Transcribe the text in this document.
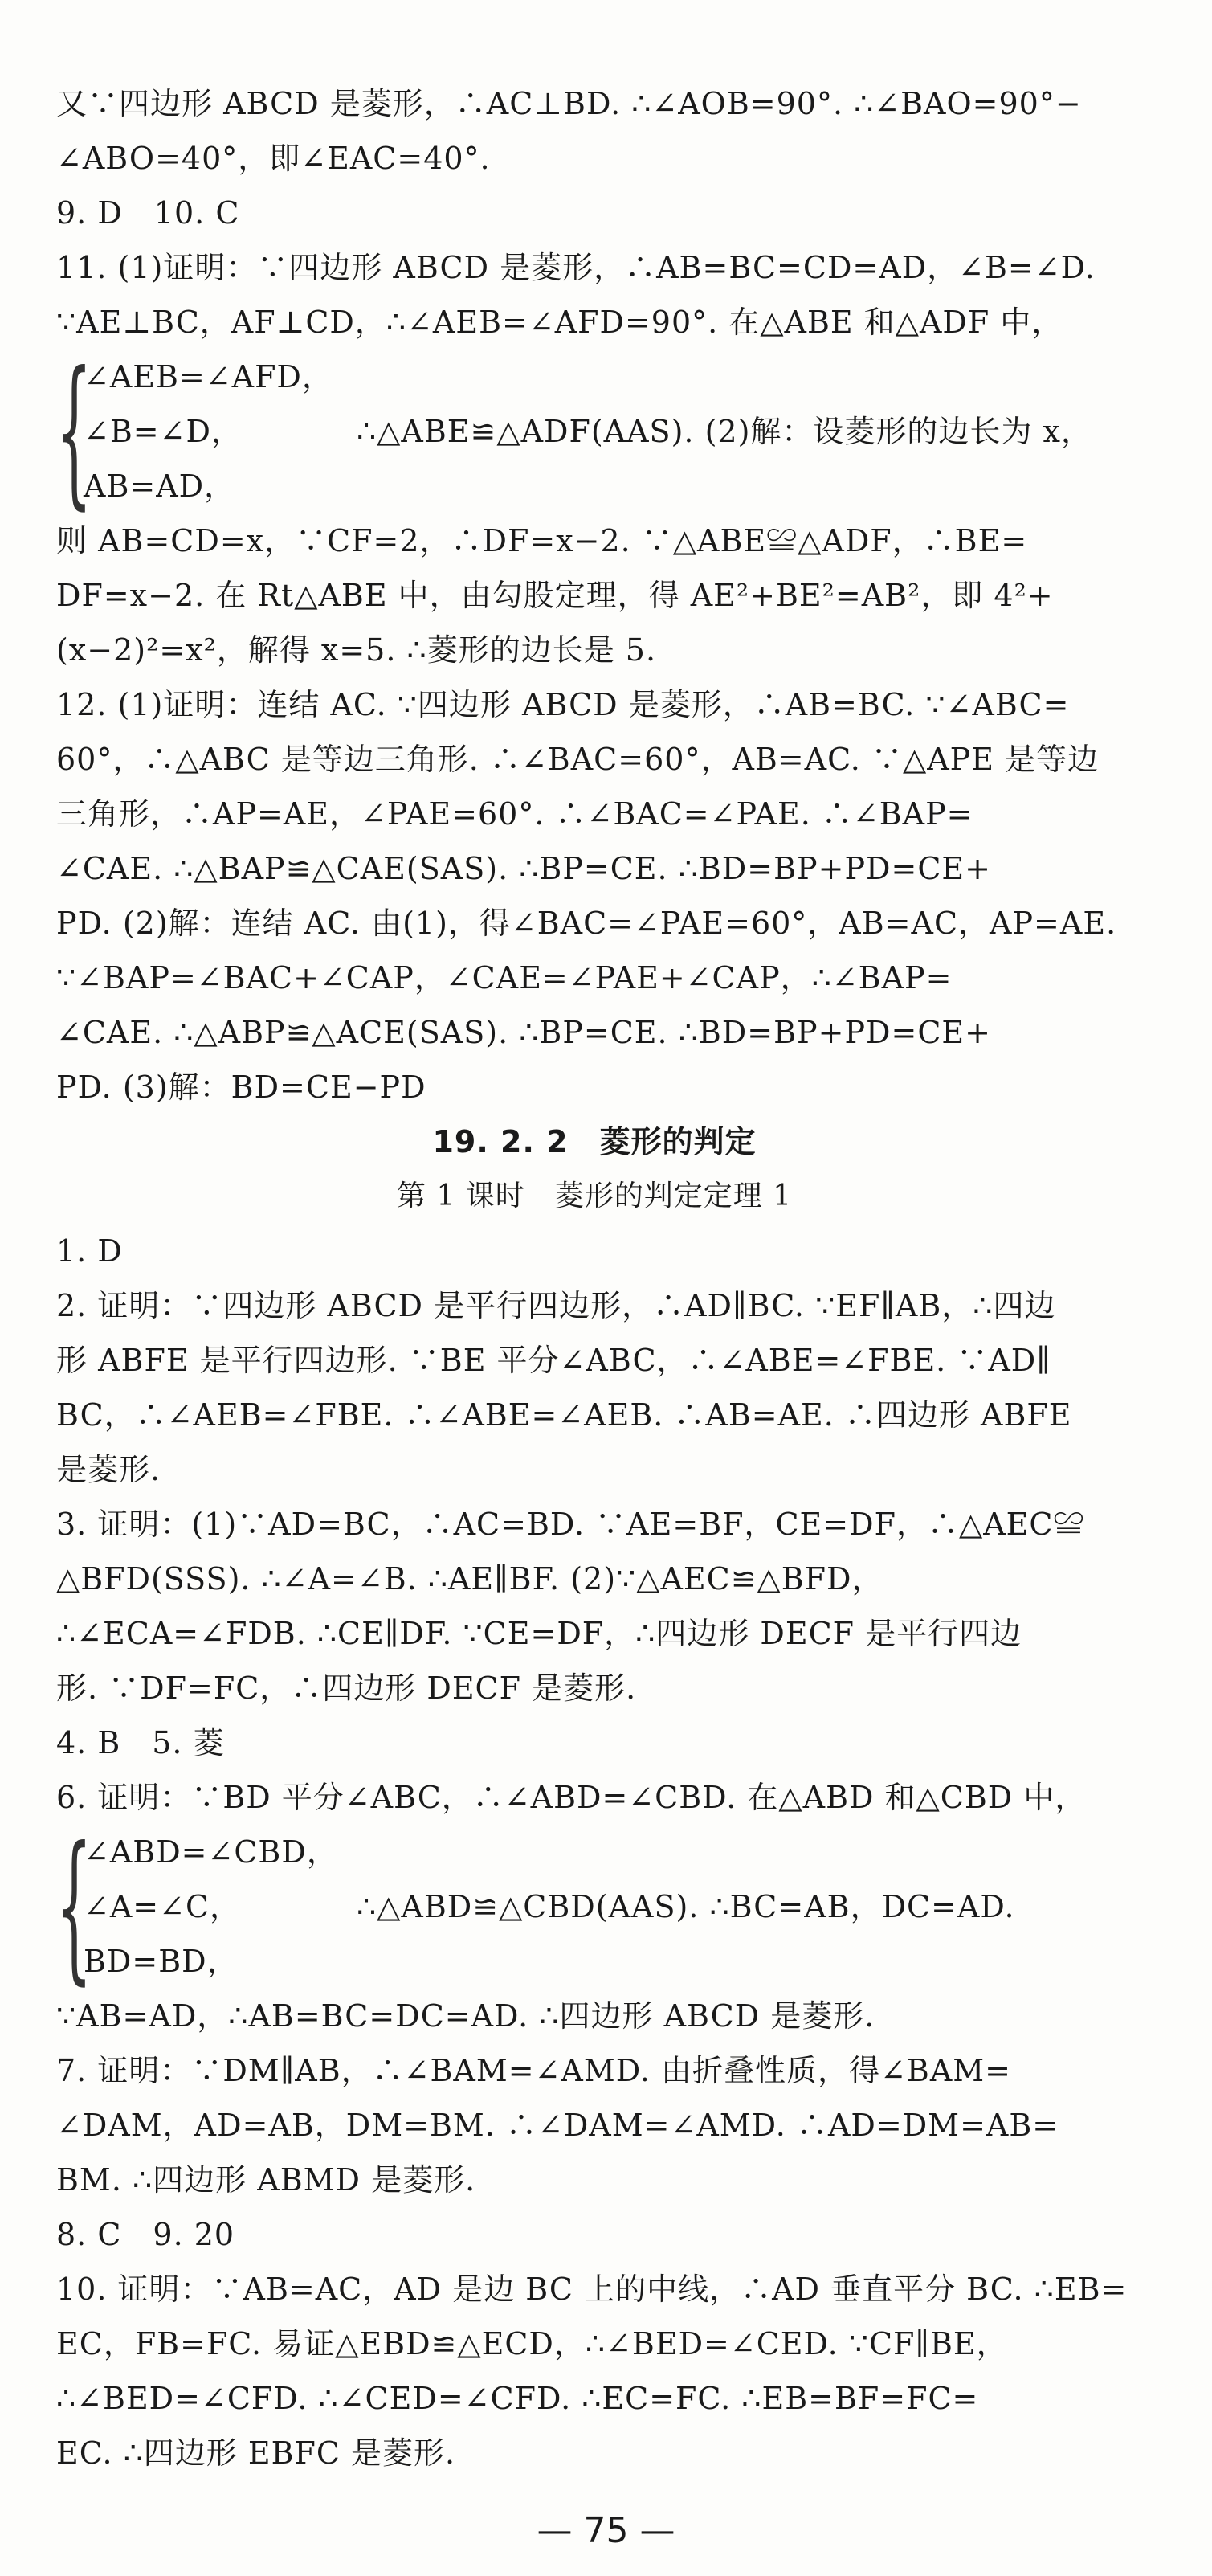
又∵四边形 ABCD 是菱形，∴AC⊥BD. ∴∠AOB=90°. ∴∠BAO=90°−
∠ABO=40°，即∠EAC=40°.
9. D　10. C
11. (1)证明：∵四边形 ABCD 是菱形，∴AB=BC=CD=AD，∠B=∠D.
∵AE⊥BC，AF⊥CD，∴∠AEB=∠AFD=90°. 在△ABE 和△ADF 中，
{
∠AEB=∠AFD，
∠B=∠D，
AB=AD，
∴△ABE≌△ADF(AAS). (2)解：设菱形的边长为 x，
则 AB=CD=x，∵CF=2，∴DF=x−2. ∵△ABE≌△ADF，∴BE=
DF=x−2. 在 Rt△ABE 中，由勾股定理，得 AE²+BE²=AB²，即 4²+
(x−2)²=x²，解得 x=5. ∴菱形的边长是 5.
12. (1)证明：连结 AC. ∵四边形 ABCD 是菱形，∴AB=BC. ∵∠ABC=
60°，∴△ABC 是等边三角形. ∴∠BAC=60°，AB=AC. ∵△APE 是等边
三角形，∴AP=AE，∠PAE=60°. ∴∠BAC=∠PAE. ∴∠BAP=
∠CAE. ∴△BAP≌△CAE(SAS). ∴BP=CE. ∴BD=BP+PD=CE+
PD. (2)解：连结 AC. 由(1)，得∠BAC=∠PAE=60°，AB=AC，AP=AE.
∵∠BAP=∠BAC+∠CAP，∠CAE=∠PAE+∠CAP，∴∠BAP=
∠CAE. ∴△ABP≌△ACE(SAS). ∴BP=CE. ∴BD=BP+PD=CE+
PD. (3)解：BD=CE−PD
19. 2. 2　菱形的判定
第 1 课时　菱形的判定定理 1
1. D
2. 证明：∵四边形 ABCD 是平行四边形，∴AD∥BC. ∵EF∥AB，∴四边
形 ABFE 是平行四边形. ∵BE 平分∠ABC，∴∠ABE=∠FBE. ∵AD∥
BC，∴∠AEB=∠FBE. ∴∠ABE=∠AEB. ∴AB=AE. ∴四边形 ABFE
是菱形.
3. 证明：(1)∵AD=BC，∴AC=BD. ∵AE=BF，CE=DF，∴△AEC≌
△BFD(SSS). ∴∠A=∠B. ∴AE∥BF. (2)∵△AEC≌△BFD，
∴∠ECA=∠FDB. ∴CE∥DF. ∵CE=DF，∴四边形 DECF 是平行四边
形. ∵DF=FC，∴四边形 DECF 是菱形.
4. B　5. 菱
6. 证明：∵BD 平分∠ABC，∴∠ABD=∠CBD. 在△ABD 和△CBD 中，
{
∠ABD=∠CBD，
∠A=∠C，
BD=BD，
∴△ABD≌△CBD(AAS). ∴BC=AB，DC=AD.
∵AB=AD，∴AB=BC=DC=AD. ∴四边形 ABCD 是菱形.
7. 证明：∵DM∥AB，∴∠BAM=∠AMD. 由折叠性质，得∠BAM=
∠DAM，AD=AB，DM=BM. ∴∠DAM=∠AMD. ∴AD=DM=AB=
BM. ∴四边形 ABMD 是菱形.
8. C　9. 20
10. 证明：∵AB=AC，AD 是边 BC 上的中线，∴AD 垂直平分 BC. ∴EB=
EC，FB=FC. 易证△EBD≌△ECD，∴∠BED=∠CED. ∵CF∥BE，
∴∠BED=∠CFD. ∴∠CED=∠CFD. ∴EC=FC. ∴EB=BF=FC=
EC. ∴四边形 EBFC 是菱形.
— 75 —
